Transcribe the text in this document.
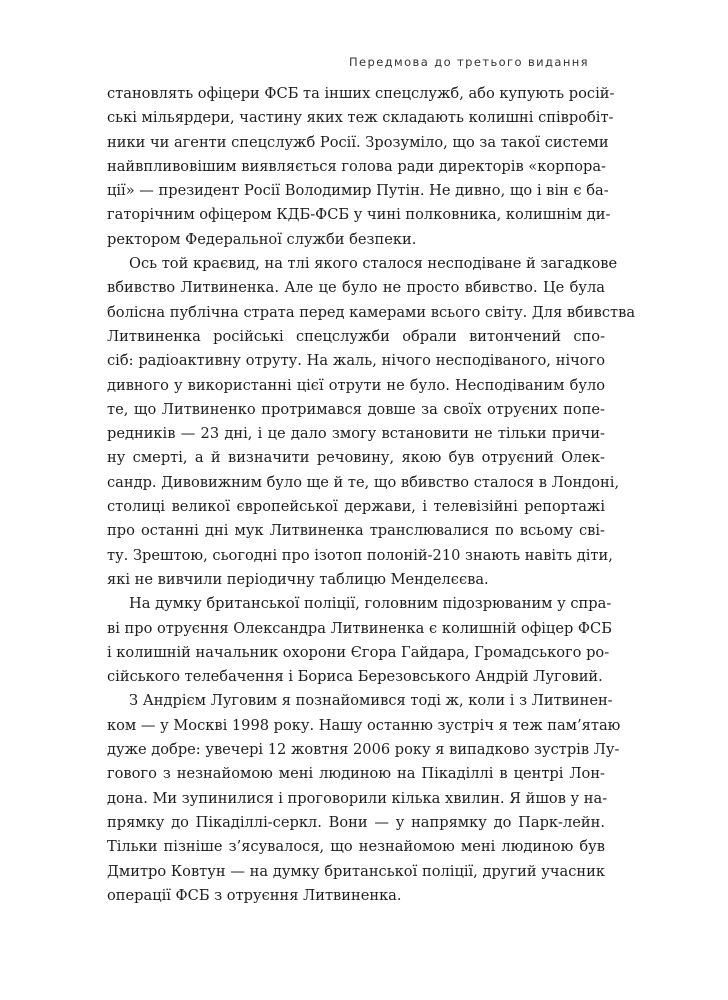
Передмова до третього видання
становлять офіцери ФСБ та інших спецслужб, або купують росій-
ські мільярдери, частину яких теж складають колишні співробіт-
ники чи агенти спецслужб Росії. Зрозуміло, що за такої системи
найвпливовішим виявляється голова ради директорів «корпора-
ції» — президент Росії Володимир Путін. Не дивно, що і він є ба-
гаторічним офіцером КДБ-ФСБ у чині полковника, колишнім ди-
ректором Федеральної служби безпеки.
Ось той краєвид, на тлі якого сталося несподіване й загадкове
вбивство Литвиненка. Але це було не просто вбивство. Це була
болісна публічна страта перед камерами всього світу. Для вбивства
Литвиненка російські спецслужби обрали витончений спо-
сіб: радіоактивну отруту. На жаль, нічого несподіваного, нічого
дивного у використанні цієї отрути не було. Несподіваним було
те, що Литвиненко протримався довше за своїх отруєних попе-
редників — 23 дні, і це дало змогу встановити не тільки причи-
ну смерті, а й визначити речовину, якою був отруєний Олек-
сандр. Дивовижним було ще й те, що вбивство сталося в Лондоні,
столиці великої європейської держави, і телевізійні репортажі
про останні дні мук Литвиненка транслювалися по всьому сві-
ту. Зрештою, сьогодні про ізотоп полоній-210 знають навіть діти,
які не вивчили періодичну таблицю Менделєєва.
На думку британської поліції, головним підозрюваним у спра-
ві про отруєння Олександра Литвиненка є колишній офіцер ФСБ
і колишній начальник охорони Єгора Гайдара, Громадського ро-
сійського телебачення і Бориса Березовського Андрій Луговий.
З Андрієм Луговим я познайомився тоді ж, коли і з Литвинен-
ком — у Москві 1998 року. Нашу останню зустріч я теж пам’ятаю
дуже добре: увечері 12 жовтня 2006 року я випадково зустрів Лу-
гового з незнайомою мені людиною на Пікаділлі в центрі Лон-
дона. Ми зупинилися і проговорили кілька хвилин. Я йшов у на-
прямку до Пікаділлі-серкл. Вони — у напрямку до Парк-лейн.
Тільки пізніше з’ясувалося, що незнайомою мені людиною був
Дмитро Ковтун — на думку британської поліції, другий учасник
операції ФСБ з отруєння Литвиненка.
